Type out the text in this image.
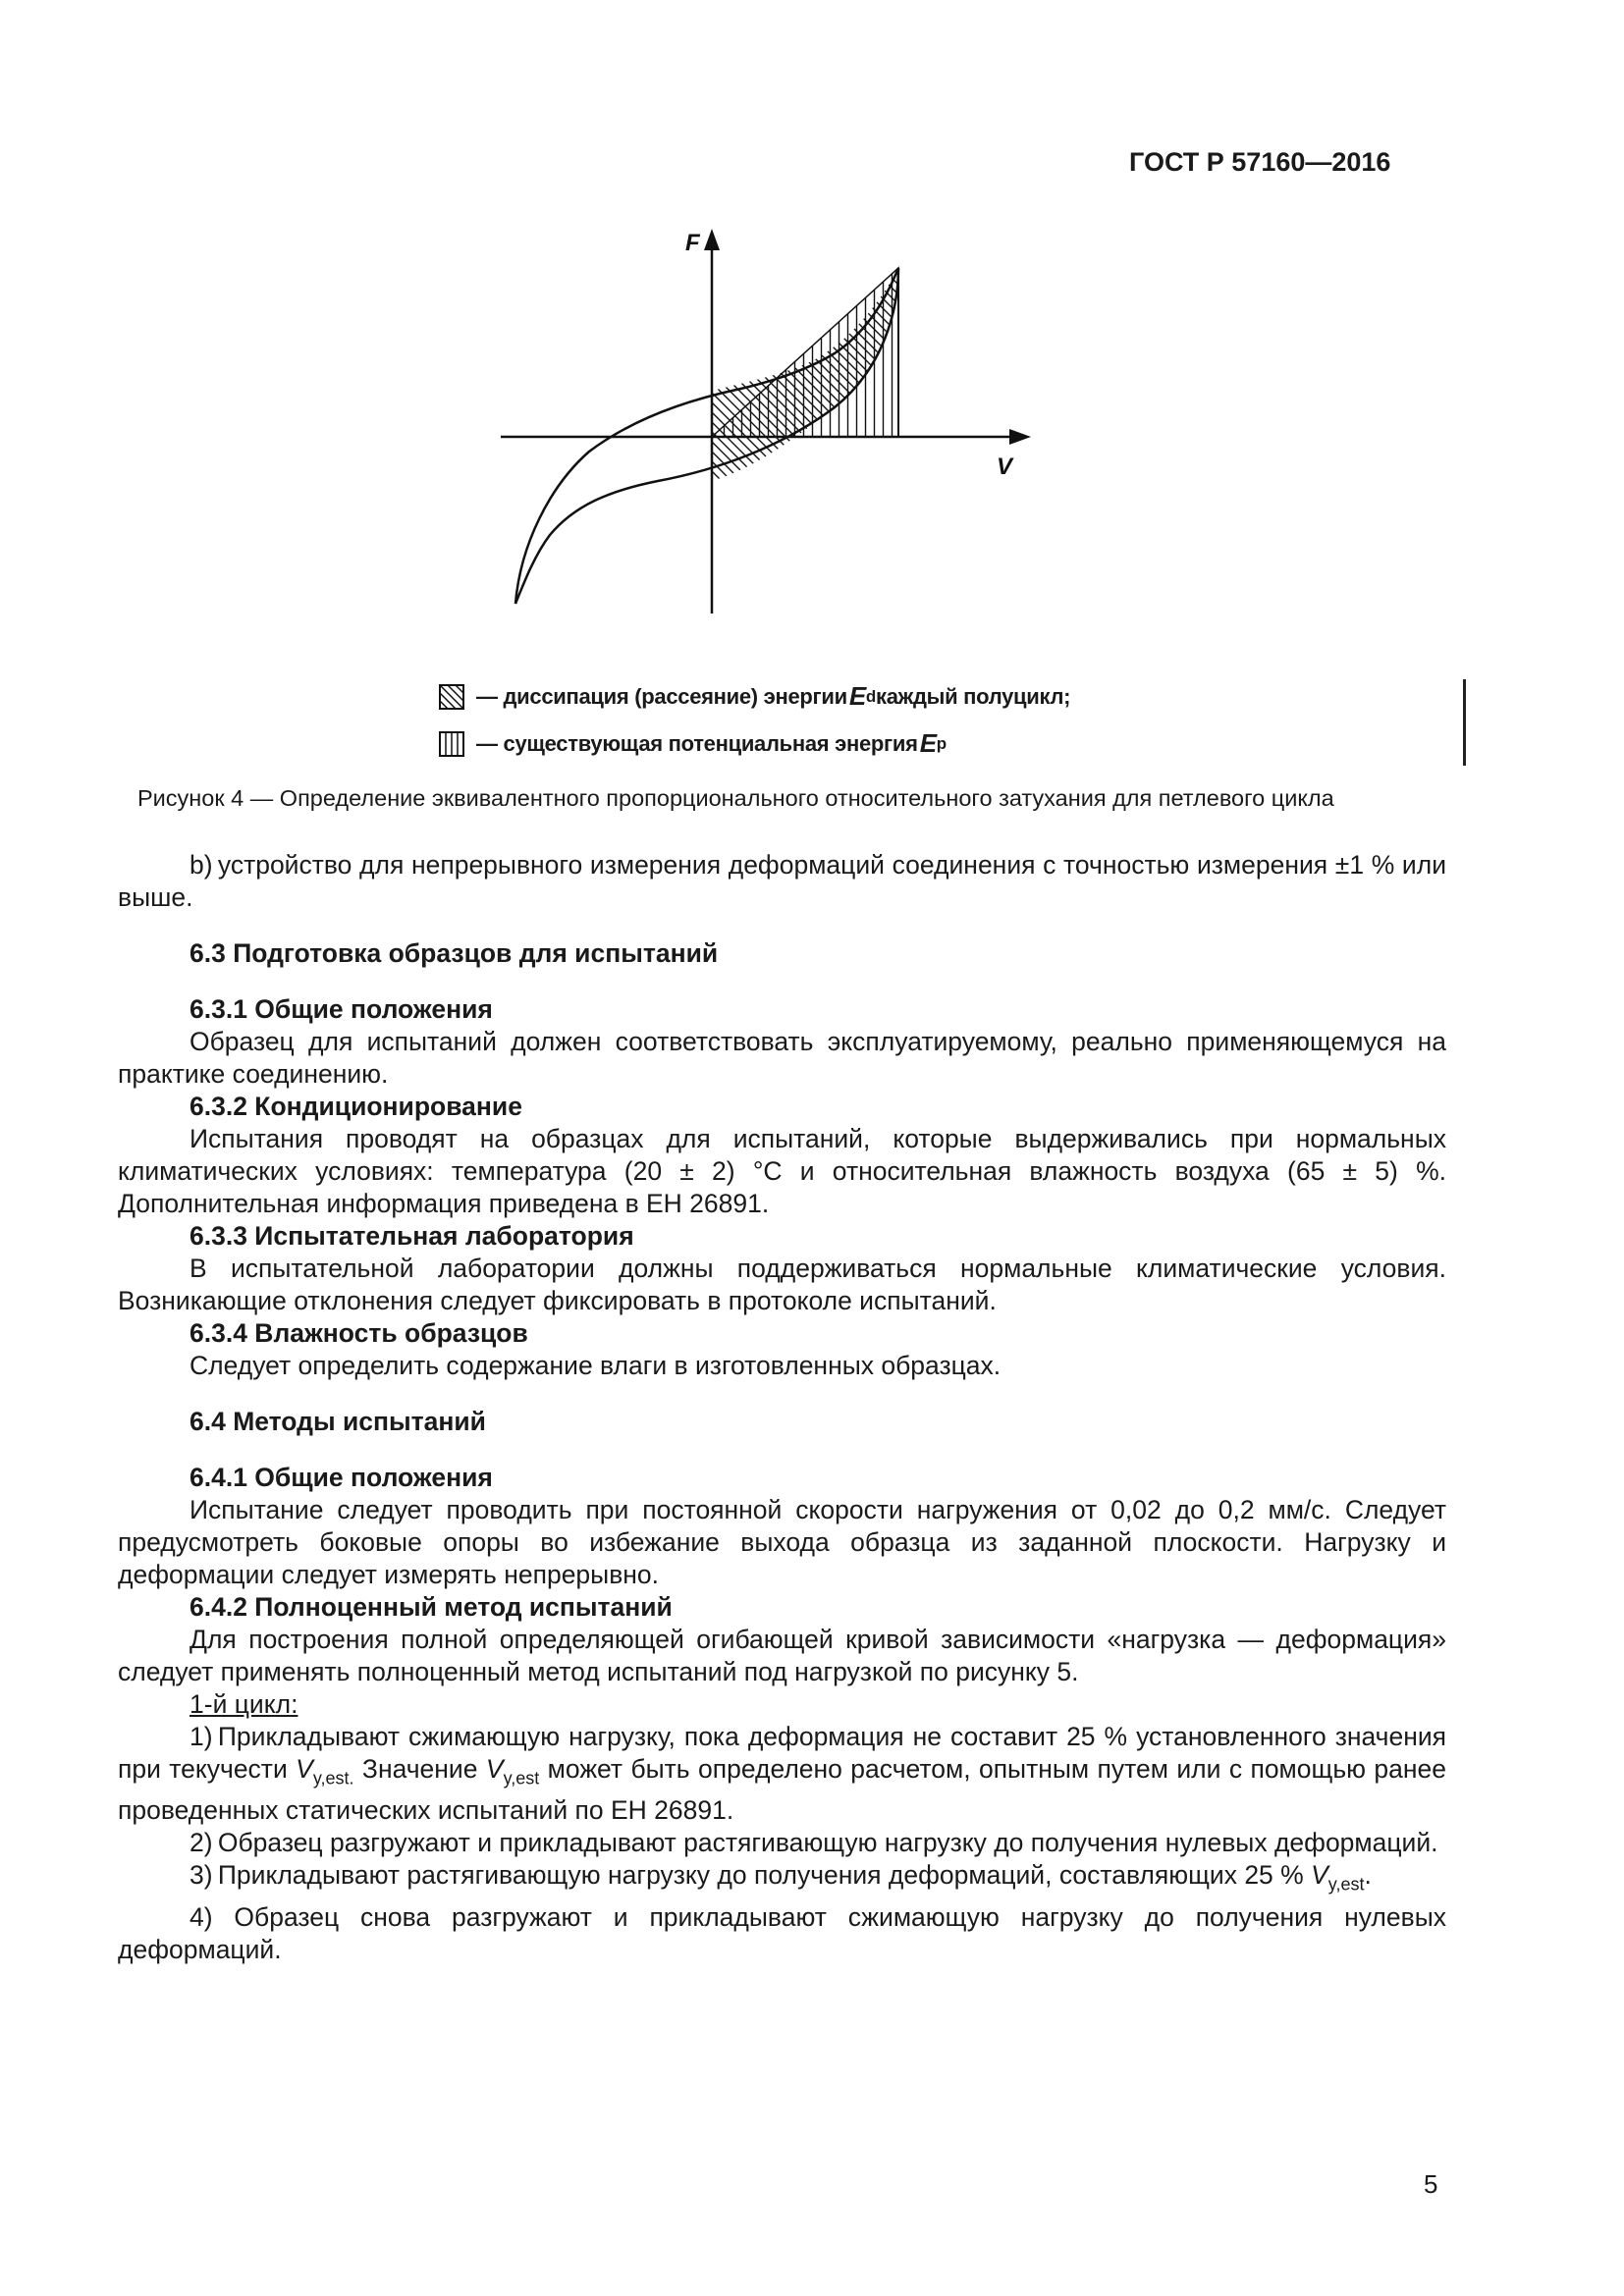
ГОСТ Р 57160—2016
F
V
— диссипация (рассеяние) энергии E d каждый полуцикл;
— существующая потенциальная энергия E p
Рисунок 4 — Определение эквивалентного пропорционального относительного затухания для петлевого цикла

b) устройство для непрерывного измерения деформаций соединения с точностью измерения ±1 % или выше.

6.3 Подготовка образцов для испытаний

6.3.1 Общие положения

Образец для испытаний должен соответствовать эксплуатируемому, реально применяющемуся на практике соединению.

6.3.2 Кондиционирование

Испытания проводят на образцах для испытаний, которые выдерживались при нормальных климатических условиях: температура (20 ± 2) °С и относительная влажность воздуха (65 ± 5) %. Дополнительная информация приведена в ЕН 26891.

6.3.3 Испытательная лаборатория

В испытательной лаборатории должны поддерживаться нормальные климатические условия. Возникающие отклонения следует фиксировать в протоколе испытаний.

6.3.4 Влажность образцов

Следует определить содержание влаги в изготовленных образцах.

6.4 Методы испытаний

6.4.1 Общие положения

Испытание следует проводить при постоянной скорости нагружения от 0,02 до 0,2 мм/с. Следует предусмотреть боковые опоры во избежание выхода образца из заданной плоскости. Нагрузку и деформации следует измерять непрерывно.

6.4.2 Полноценный метод испытаний

Для построения полной определяющей огибающей кривой зависимости «нагрузка — деформация» следует применять полноценный метод испытаний под нагрузкой по рисунку 5.

1-й цикл:

1) Прикладывают сжимающую нагрузку, пока деформация не составит 25 % установленного значения при текучести $V_{y,est.}$ Значение $V_{y,est}$ может быть определено расчетом, опытным путем или с помощью ранее проведенных статических испытаний по ЕН 26891.

2) Образец разгружают и прикладывают растягивающую нагрузку до получения нулевых деформаций.

3) Прикладывают растягивающую нагрузку до получения деформаций, составляющих 25 % $V_{y,est}$.

4) Образец снова разгружают и прикладывают сжимающую нагрузку до получения нулевых деформаций.

5
